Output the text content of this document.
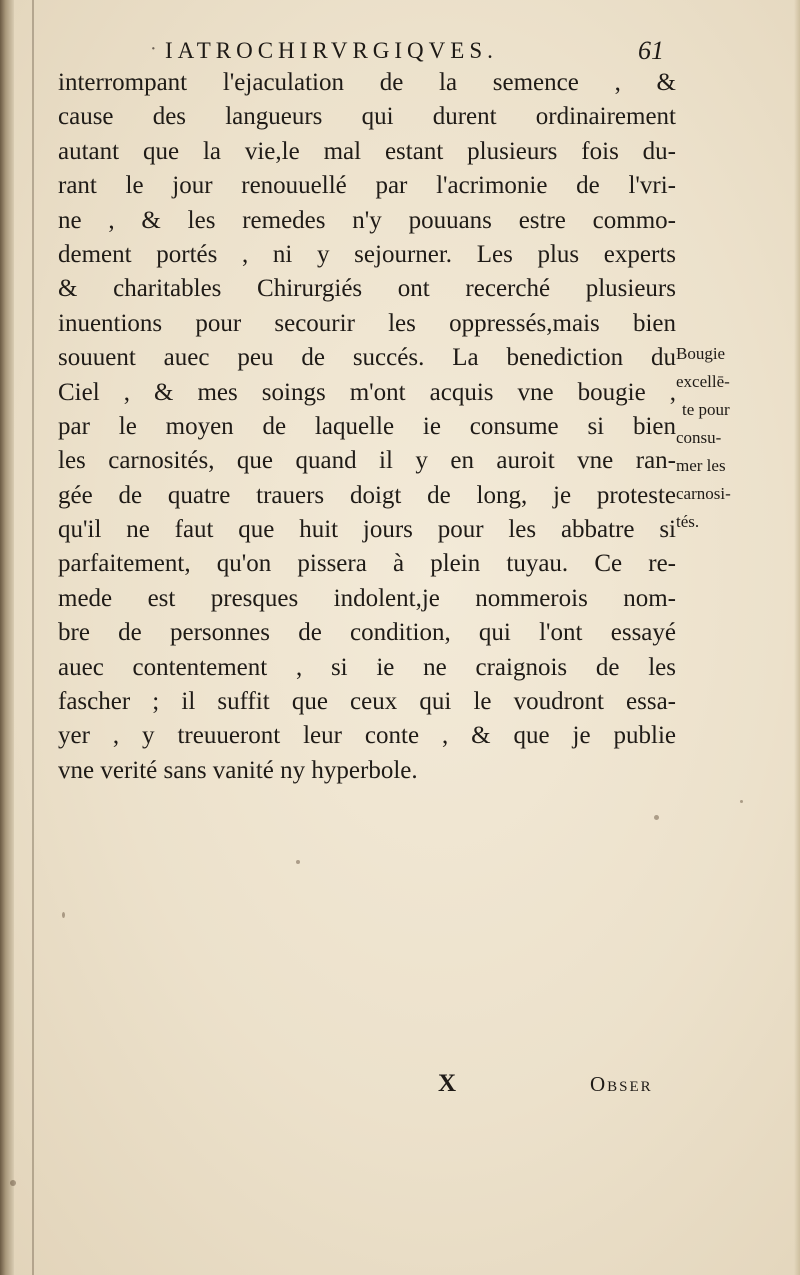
· IATROCHIRVRGIQVES.	61
interrompant l'ejaculation de la semence , &
cause des langueurs qui durent ordinairement
autant que la vie,le mal estant plusieurs fois du-
rant le jour renouuellé par l'acrimonie de l'vri-
ne , & les remedes n'y pouuans estre commo-
dement portés , ni y sejourner. Les plus experts
& charitables Chirurgiés ont recerché plusieurs
inuentions pour secourir les oppressés,mais bien
souuent auec peu de succés. La benediction du
Ciel , & mes soings m'ont acquis vne bougie ,
par le moyen de laquelle ie consume si bien
les carnosités, que quand il y en auroit vne ran-
gée de quatre trauers doigt de long, je proteste
qu'il ne faut que huit jours pour les abbatre si
parfaitement, qu'on pissera à plein tuyau. Ce re-
mede est presques indolent,je nommerois nom-
bre de personnes de condition, qui l'ont essayé
auec contentement , si ie ne craignois de les
fascher ; il suffit que ceux qui le voudront essa-
yer , y treuueront leur conte , & que je publie
vne verité sans vanité ny hyperbole.
Bougie
excellē-
te pour
consu-
mer les
carnosi-
tés.
X	Obser
